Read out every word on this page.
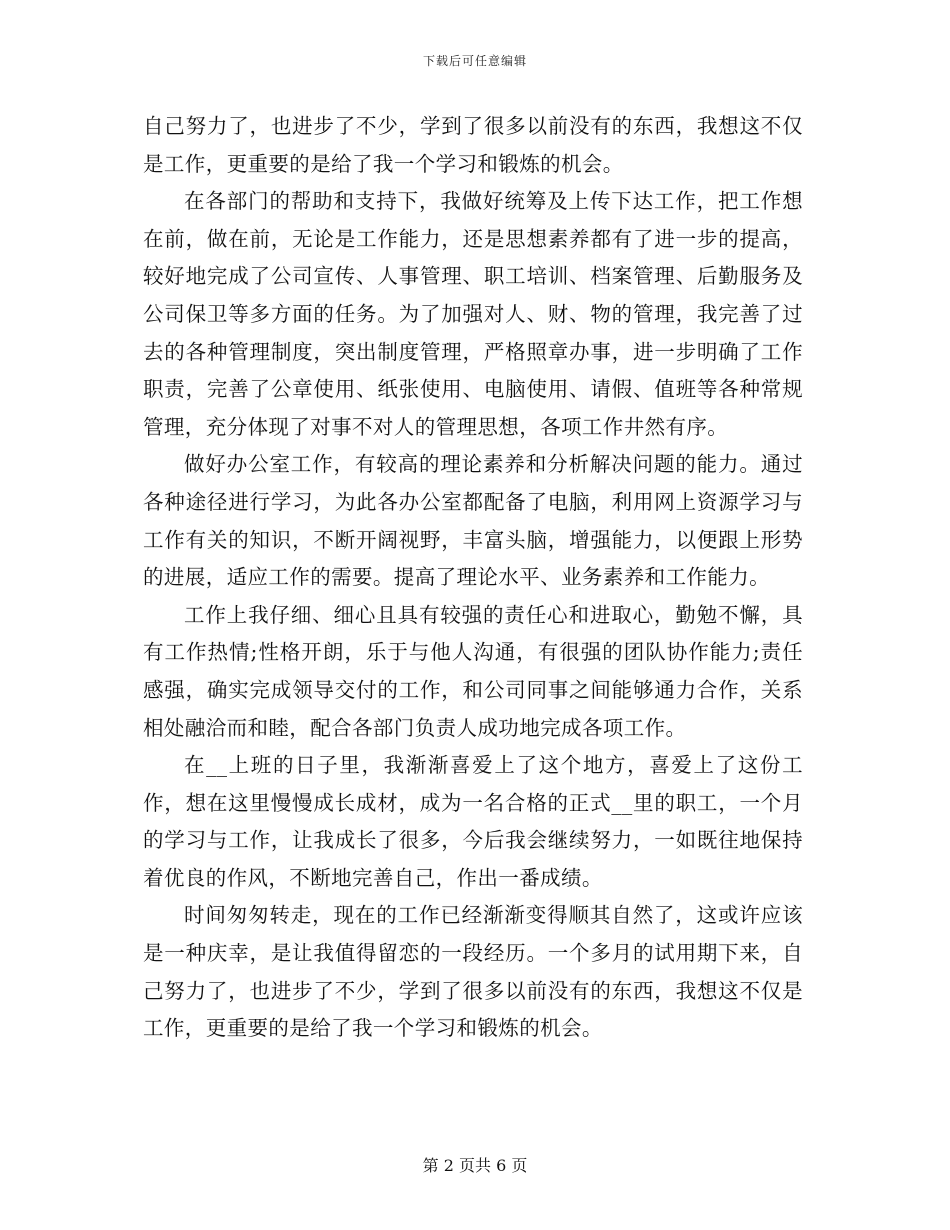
下载后可任意编辑

自己努力了，也进步了不少，学到了很多以前没有的东西，我想这不仅是工作，更重要的是给了我一个学习和锻炼的机会。

在各部门的帮助和支持下，我做好统筹及上传下达工作，把工作想在前，做在前，无论是工作能力，还是思想素养都有了进一步的提高，较好地完成了公司宣传、人事管理、职工培训、档案管理、后勤服务及公司保卫等多方面的任务。为了加强对人、财、物的管理，我完善了过去的各种管理制度，突出制度管理，严格照章办事，进一步明确了工作职责，完善了公章使用、纸张使用、电脑使用、请假、值班等各种常规管理，充分体现了对事不对人的管理思想，各项工作井然有序。

做好办公室工作，有较高的理论素养和分析解决问题的能力。通过各种途径进行学习，为此各办公室都配备了电脑，利用网上资源学习与工作有关的知识，不断开阔视野，丰富头脑，增强能力，以便跟上形势的进展，适应工作的需要。提高了理论水平、业务素养和工作能力。

工作上我仔细、细心且具有较强的责任心和进取心，勤勉不懈，具有工作热情;性格开朗，乐于与他人沟通，有很强的团队协作能力;责任感强，确实完成领导交付的工作，和公司同事之间能够通力合作，关系相处融洽而和睦，配合各部门负责人成功地完成各项工作。

在__上班的日子里，我渐渐喜爱上了这个地方，喜爱上了这份工作，想在这里慢慢成长成材，成为一名合格的正式__里的职工，一个月的学习与工作，让我成长了很多，今后我会继续努力，一如既往地保持着优良的作风，不断地完善自己，作出一番成绩。

时间匆匆转走，现在的工作已经渐渐变得顺其自然了，这或许应该是一种庆幸，是让我值得留恋的一段经历。一个多月的试用期下来，自己努力了，也进步了不少，学到了很多以前没有的东西，我想这不仅是工作，更重要的是给了我一个学习和锻炼的机会。

第 2 页共 6 页
